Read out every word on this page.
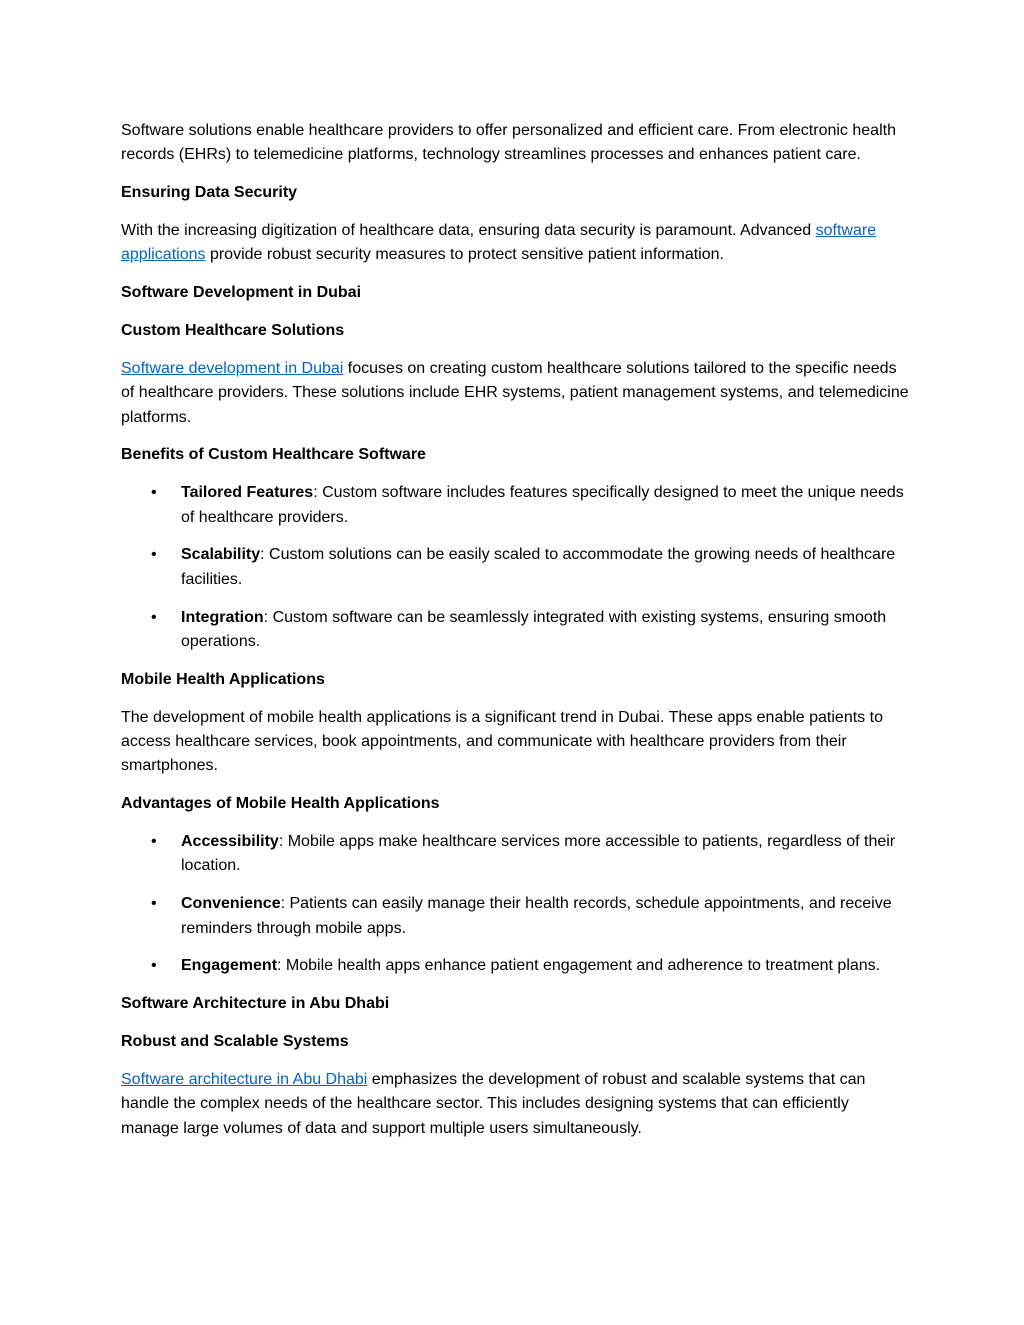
Software solutions enable healthcare providers to offer personalized and efficient care. From electronic health records (EHRs) to telemedicine platforms, technology streamlines processes and enhances patient care.

Ensuring Data Security

With the increasing digitization of healthcare data, ensuring data security is paramount. Advanced software applications provide robust security measures to protect sensitive patient information.

Software Development in Dubai

Custom Healthcare Solutions

Software development in Dubai focuses on creating custom healthcare solutions tailored to the specific needs of healthcare providers. These solutions include EHR systems, patient management systems, and telemedicine platforms.

Benefits of Custom Healthcare Software

• Tailored Features: Custom software includes features specifically designed to meet the unique needs of healthcare providers.
• Scalability: Custom solutions can be easily scaled to accommodate the growing needs of healthcare facilities.
• Integration: Custom software can be seamlessly integrated with existing systems, ensuring smooth operations.

Mobile Health Applications

The development of mobile health applications is a significant trend in Dubai. These apps enable patients to access healthcare services, book appointments, and communicate with healthcare providers from their smartphones.

Advantages of Mobile Health Applications

• Accessibility: Mobile apps make healthcare services more accessible to patients, regardless of their location.
• Convenience: Patients can easily manage their health records, schedule appointments, and receive reminders through mobile apps.
• Engagement: Mobile health apps enhance patient engagement and adherence to treatment plans.

Software Architecture in Abu Dhabi

Robust and Scalable Systems

Software architecture in Abu Dhabi emphasizes the development of robust and scalable systems that can handle the complex needs of the healthcare sector. This includes designing systems that can efficiently manage large volumes of data and support multiple users simultaneously.
